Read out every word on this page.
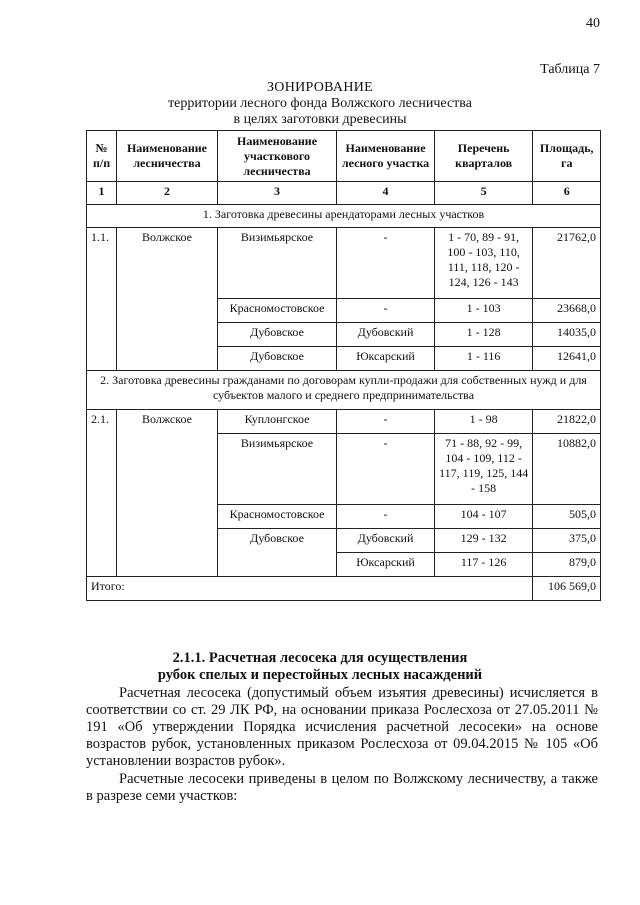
40
Таблица 7
ЗОНИРОВАНИЕ
территории лесного фонда Волжского лесничества
в целях заготовки древесины
№ п/п	Наименование лесничества	Наименование участкового лесничества	Наименование лесного участка	Перечень кварталов	Площадь, га
1	2	3	4	5	6
1. Заготовка древесины арендаторами лесных участков					
1.1.	Волжское	Визимьярское	-	1 - 70, 89 - 91, 100 - 103, 110, 111, 118, 120 - 124, 126 - 143	21762,0
		Красномостовское	-	1 - 103	23668,0
		Дубовское	Дубовский	1 - 128	14035,0
		Дубовское	Юксарский	1 - 116	12641,0
2. Заготовка древесины гражданами по договорам купли-продажи для собственных нужд и для субъектов малого и среднего предпринимательства					
2.1.	Волжское	Куплонгское	-	1 - 98	21822,0
		Визимьярское	-	71 - 88, 92 - 99, 104 - 109, 112 - 117, 119, 125, 144 - 158	10882,0
		Красномостовское	-	104 - 107	505,0
		Дубовское	Дубовский	129 - 132	375,0
			Юксарский	117 - 126	879,0
Итого:					106 569,0
2.1.1. Расчетная лесосека для осуществления
рубок спелых и перестойных лесных насаждений
Расчетная лесосека (допустимый объем изъятия древесины) исчисляется в соответствии со ст. 29 ЛК РФ, на основании приказа Рослесхоза от 27.05.2011 № 191 «Об утверждении Порядка исчисления расчетной лесосеки» на основе возрастов рубок, установленных приказом Рослесхоза от 09.04.2015 № 105 «Об установлении возрастов рубок».
Расчетные лесосеки приведены в целом по Волжскому лесничеству, а также в разрезе семи участков:
